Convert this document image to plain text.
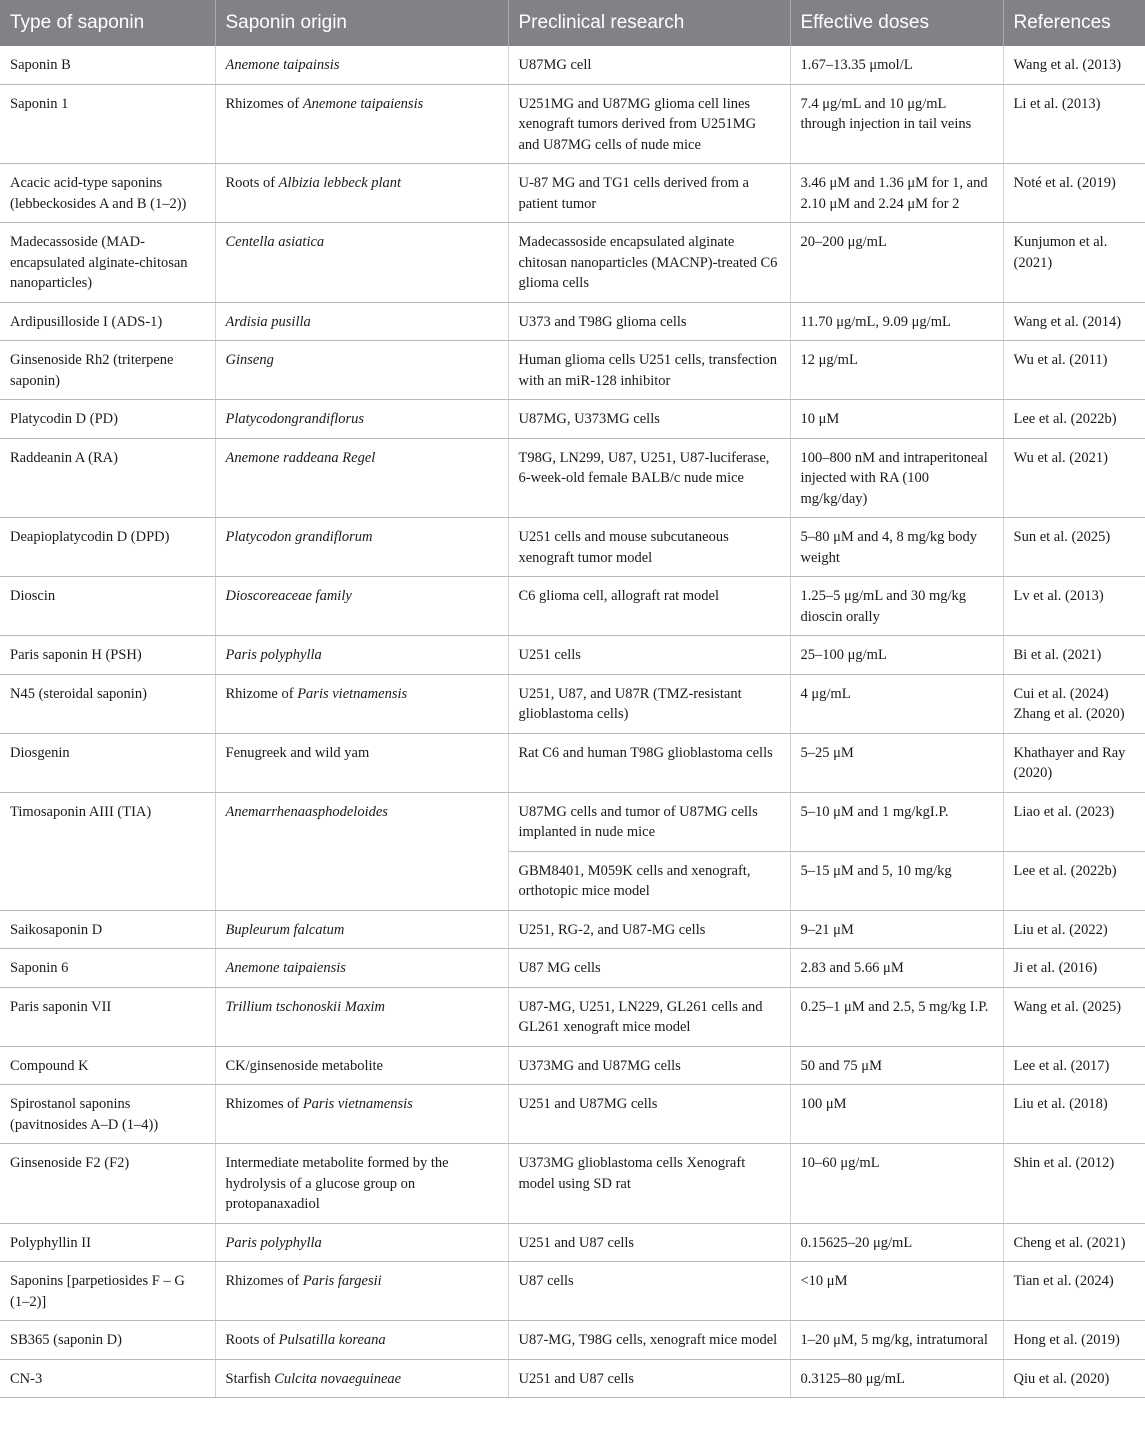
Type of saponin	Saponin origin	Preclinical research	Effective doses	References
Saponin B	Anemone taipainsis	U87MG cell	1.67–13.35 μmol/L	Wang et al. (2013)
Saponin 1	Rhizomes of Anemone taipaiensis	U251MG and U87MG glioma cell lines xenograft tumors derived from U251MG and U87MG cells of nude mice	7.4 μg/mL and 10 μg/mL through injection in tail veins	Li et al. (2013)
Acacic acid-type saponins (lebbeckosides A and B (1–2))	Roots of Albizia lebbeck plant	U-87 MG and TG1 cells derived from a patient tumor	3.46 μM and 1.36 μM for 1, and 2.10 μM and 2.24 μM for 2	Noté et al. (2019)
Madecassoside (MAD-encapsulated alginate-chitosan nanoparticles)	Centella asiatica	Madecassoside encapsulated alginate chitosan nanoparticles (MACNP)-treated C6 glioma cells	20–200 μg/mL	Kunjumon et al. (2021)
Ardipusilloside I (ADS-1)	Ardisia pusilla	U373 and T98G glioma cells	11.70 μg/mL, 9.09 μg/mL	Wang et al. (2014)
Ginsenoside Rh2 (triterpene saponin)	Ginseng	Human glioma cells U251 cells, transfection with an miR-128 inhibitor	12 μg/mL	Wu et al. (2011)
Platycodin D (PD)	Platycodongrandiflorus	U87MG, U373MG cells	10 μM	Lee et al. (2022b)
Raddeanin A (RA)	Anemone raddeana Regel	T98G, LN299, U87, U251, U87-luciferase, 6-week-old female BALB/c nude mice	100–800 nM and intraperitoneal injected with RA (100 mg/kg/day)	Wu et al. (2021)
Deapioplatycodin D (DPD)	Platycodon grandiflorum	U251 cells and mouse subcutaneous xenograft tumor model	5–80 μM and 4, 8 mg/kg body weight	Sun et al. (2025)
Dioscin	Dioscoreaceae family	C6 glioma cell, allograft rat model	1.25–5 μg/mL and 30 mg/kg dioscin orally	Lv et al. (2013)
Paris saponin H (PSH)	Paris polyphylla	U251 cells	25–100 μg/mL	Bi et al. (2021)
N45 (steroidal saponin)	Rhizome of Paris vietnamensis	U251, U87, and U87R (TMZ-resistant glioblastoma cells)	4 μg/mL	Cui et al. (2024) Zhang et al. (2020)
Diosgenin	Fenugreek and wild yam	Rat C6 and human T98G glioblastoma cells	5–25 μM	Khathayer and Ray (2020)
Timosaponin AIII (TIA)	Anemarrhenaasphodeloides	U87MG cells and tumor of U87MG cells implanted in nude mice	5–10 μM and 1 mg/kgI.P.	Liao et al. (2023)
		GBM8401, M059K cells and xenograft, orthotopic mice model	5–15 μM and 5, 10 mg/kg	Lee et al. (2022b)
Saikosaponin D	Bupleurum falcatum	U251, RG-2, and U87-MG cells	9–21 μM	Liu et al. (2022)
Saponin 6	Anemone taipaiensis	U87 MG cells	2.83 and 5.66 μM	Ji et al. (2016)
Paris saponin VII	Trillium tschonoskii Maxim	U87-MG, U251, LN229, GL261 cells and GL261 xenograft mice model	0.25–1 μM and 2.5, 5 mg/kg I.P.	Wang et al. (2025)
Compound K	CK/ginsenoside metabolite	U373MG and U87MG cells	50 and 75 μM	Lee et al. (2017)
Spirostanol saponins (pavitnosides A–D (1–4))	Rhizomes of Paris vietnamensis	U251 and U87MG cells	100 μM	Liu et al. (2018)
Ginsenoside F2 (F2)	Intermediate metabolite formed by the hydrolysis of a glucose group on protopanaxadiol	U373MG glioblastoma cells Xenograft model using SD rat	10–60 μg/mL	Shin et al. (2012)
Polyphyllin II	Paris polyphylla	U251 and U87 cells	0.15625–20 μg/mL	Cheng et al. (2021)
Saponins [parpetiosides F – G (1–2)]	Rhizomes of Paris fargesii	U87 cells	<10 μM	Tian et al. (2024)
SB365 (saponin D)	Roots of Pulsatilla koreana	U87-MG, T98G cells, xenograft mice model	1–20 μM, 5 mg/kg, intratumoral	Hong et al. (2019)
CN-3	Starfish Culcita novaeguineae	U251 and U87 cells	0.3125–80 μg/mL	Qiu et al. (2020)
